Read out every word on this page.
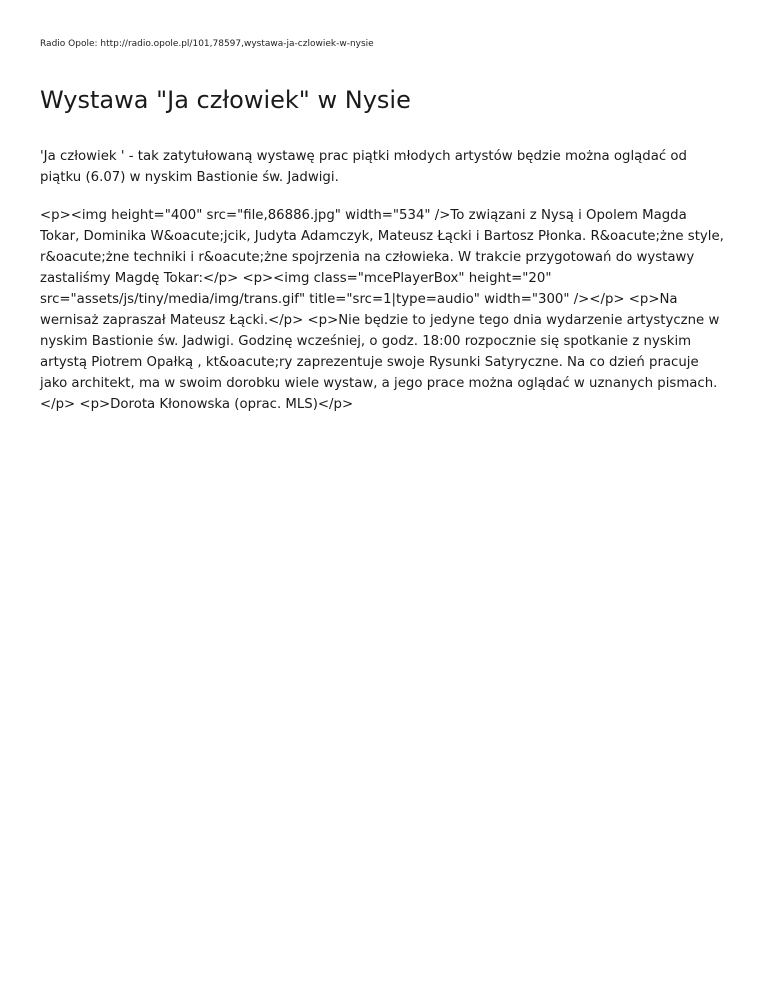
Radio Opole: http://radio.opole.pl/101,78597,wystawa-ja-czlowiek-w-nysie
Wystawa "Ja człowiek" w Nysie

'Ja człowiek ' - tak zatytułowaną wystawę prac piątki młodych artystów będzie można oglądać od piątku (6.07) w nyskim Bastionie św. Jadwigi.

<p><img height="400" src="file,86886.jpg" width="534" />To związani z Nysą i Opolem Magda Tokar, Dominika W&oacute;jcik, Judyta Adamczyk, Mateusz Łącki i Bartosz Płonka. R&oacute;żne style, r&oacute;żne techniki i r&oacute;żne spojrzenia na człowieka. W trakcie przygotowań do wystawy zastaliśmy Magdę Tokar:</p> <p><img class="mcePlayerBox" height="20" src="assets/js/tiny/media/img/trans.gif" title="src=1|type=audio" width="300" /></p> <p>Na wernisaż zapraszał Mateusz Łącki.</p> <p>Nie będzie to jedyne tego dnia wydarzenie artystyczne w nyskim Bastionie św. Jadwigi. Godzinę wcześniej, o godz. 18:00 rozpocznie się spotkanie z nyskim artystą Piotrem Opałką , kt&oacute;ry zaprezentuje swoje Rysunki Satyryczne. Na co dzień pracuje jako architekt, ma w swoim dorobku wiele wystaw, a jego prace można oglądać w uznanych pismach.</p> <p>Dorota Kłonowska (oprac. MLS)</p>
